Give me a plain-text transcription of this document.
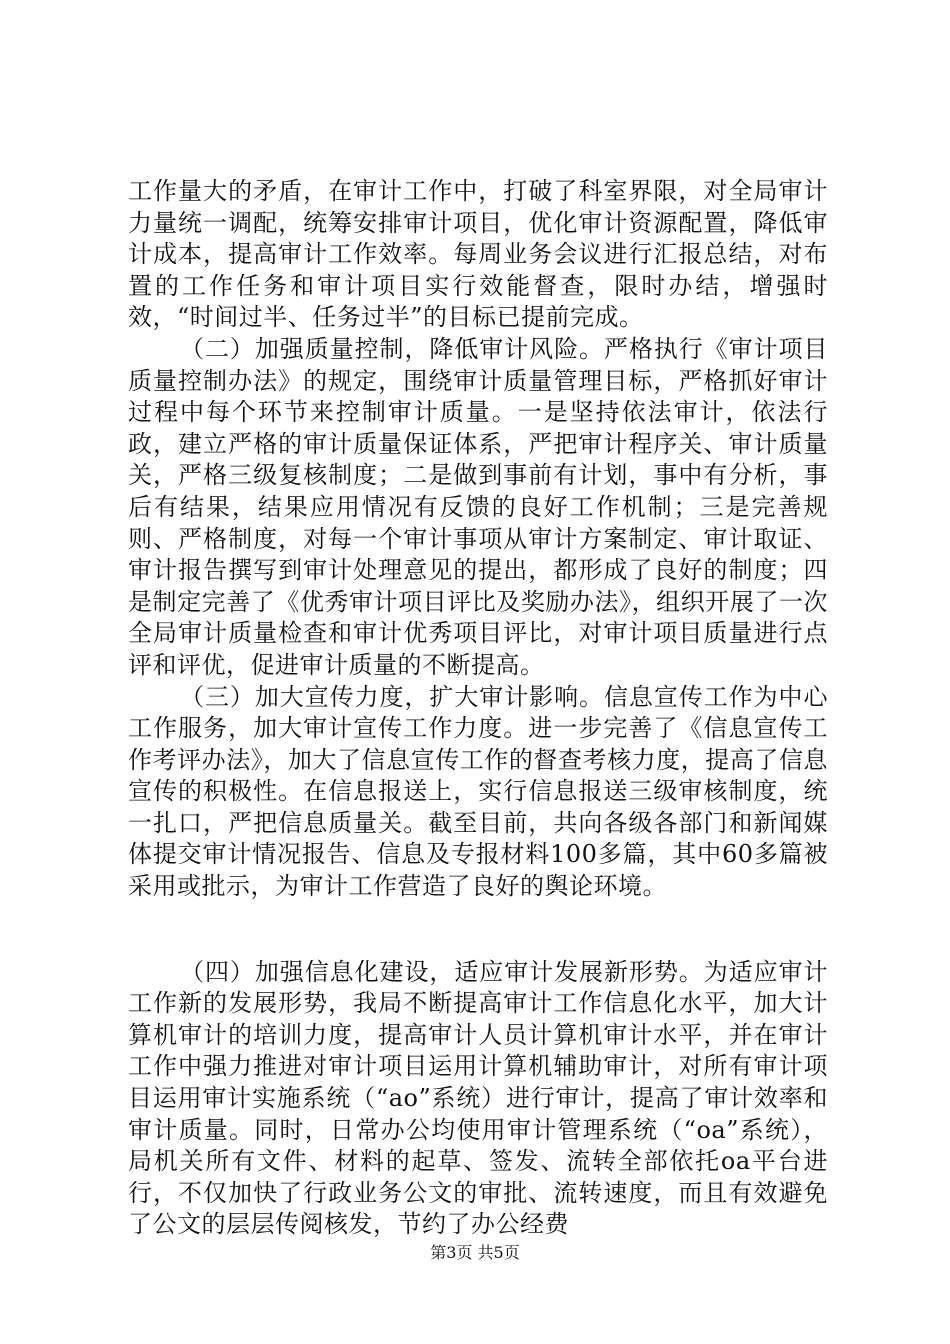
工作量大的矛盾，在审计工作中，打破了科室界限，对全局审计力量统一调配，统筹安排审计项目，优化审计资源配置，降低审计成本，提高审计工作效率。每周业务会议进行汇报总结，对布置的工作任务和审计项目实行效能督查，限时办结，增强时效，“时间过半、任务过半”的目标已提前完成。

（二）加强质量控制，降低审计风险。严格执行《审计项目质量控制办法》的规定，围绕审计质量管理目标，严格抓好审计过程中每个环节来控制审计质量。一是坚持依法审计，依法行政，建立严格的审计质量保证体系，严把审计程序关、审计质量关，严格三级复核制度；二是做到事前有计划，事中有分析，事后有结果，结果应用情况有反馈的良好工作机制；三是完善规则、严格制度，对每一个审计事项从审计方案制定、审计取证、审计报告撰写到审计处理意见的提出，都形成了良好的制度；四是制定完善了《优秀审计项目评比及奖励办法》，组织开展了一次全局审计质量检查和审计优秀项目评比，对审计项目质量进行点评和评优，促进审计质量的不断提高。

（三）加大宣传力度，扩大审计影响。信息宣传工作为中心工作服务，加大审计宣传工作力度。进一步完善了《信息宣传工作考评办法》，加大了信息宣传工作的督查考核力度，提高了信息宣传的积极性。在信息报送上，实行信息报送三级审核制度，统一扎口，严把信息质量关。截至目前，共向各级各部门和新闻媒体提交审计情况报告、信息及专报材料100多篇，其中60多篇被采用或批示，为审计工作营造了良好的舆论环境。

（四）加强信息化建设，适应审计发展新形势。为适应审计工作新的发展形势，我局不断提高审计工作信息化水平，加大计算机审计的培训力度，提高审计人员计算机审计水平，并在审计工作中强力推进对审计项目运用计算机辅助审计，对所有审计项目运用审计实施系统（“ao”系统）进行审计，提高了审计效率和审计质量。同时，日常办公均使用审计管理系统（“oa”系统），局机关所有文件、材料的起草、签发、流转全部依托oa平台进行，不仅加快了行政业务公文的审批、流转速度，而且有效避免了公文的层层传阅核发，节约了办公经费

第3页 共5页
